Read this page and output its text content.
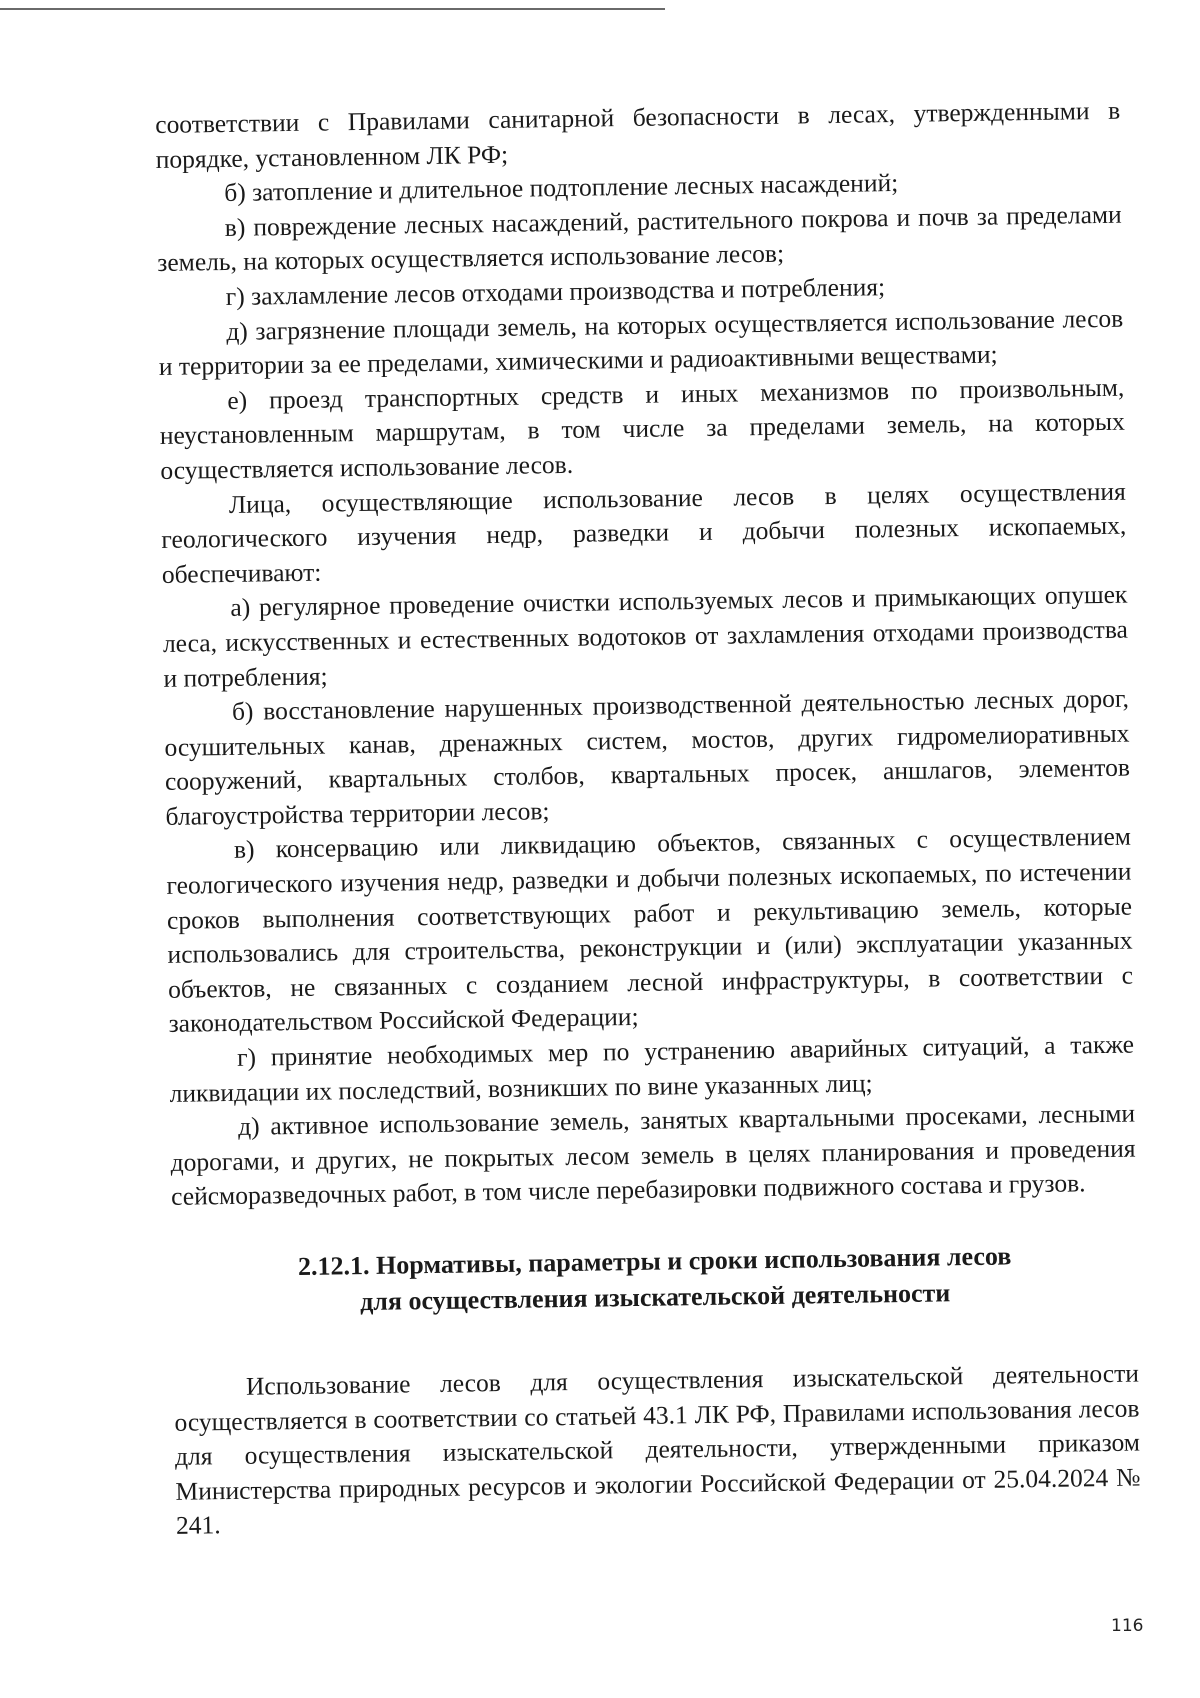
соответствии с Правилами санитарной безопасности в лесах, утвержденными в порядке, установленном ЛК РФ;

б) затопление и длительное подтопление лесных насаждений;

в) повреждение лесных насаждений, растительного покрова и почв за пределами земель, на которых осуществляется использование лесов;

г) захламление лесов отходами производства и потребления;

д) загрязнение площади земель, на которых осуществляется использование лесов и территории за ее пределами, химическими и радиоактивными веществами;

е) проезд транспортных средств и иных механизмов по произвольным, неустановленным маршрутам, в том числе за пределами земель, на которых осуществляется использование лесов.

Лица, осуществляющие использование лесов в целях осуществления геологического изучения недр, разведки и добычи полезных ископаемых, обеспечивают:

а) регулярное проведение очистки используемых лесов и примыкающих опушек леса, искусственных и естественных водотоков от захламления отходами производства и потребления;

б) восстановление нарушенных производственной деятельностью лесных дорог, осушительных канав, дренажных систем, мостов, других гидромелиоративных сооружений, квартальных столбов, квартальных просек, аншлагов, элементов благоустройства территории лесов;

в) консервацию или ликвидацию объектов, связанных с осуществлением геологического изучения недр, разведки и добычи полезных ископаемых, по истечении сроков выполнения соответствующих работ и рекультивацию земель, которые использовались для строительства, реконструкции и (или) эксплуатации указанных объектов, не связанных с созданием лесной инфраструктуры, в соответствии с законодательством Российской Федерации;

г) принятие необходимых мер по устранению аварийных ситуаций, а также ликвидации их последствий, возникших по вине указанных лиц;

д) активное использование земель, занятых квартальными просеками, лесными дорогами, и других, не покрытых лесом земель в целях планирования и проведения сейсморазведочных работ, в том числе перебазировки подвижного состава и грузов.

2.12.1. Нормативы, параметры и сроки использования лесов
для осуществления изыскательской деятельности

Использование лесов для осуществления изыскательской деятельности осуществляется в соответствии со статьей 43.1 ЛК РФ, Правилами использования лесов для осуществления изыскательской деятельности, утвержденными приказом Министерства природных ресурсов и экологии Российской Федерации от 25.04.2024 № 241.

116
